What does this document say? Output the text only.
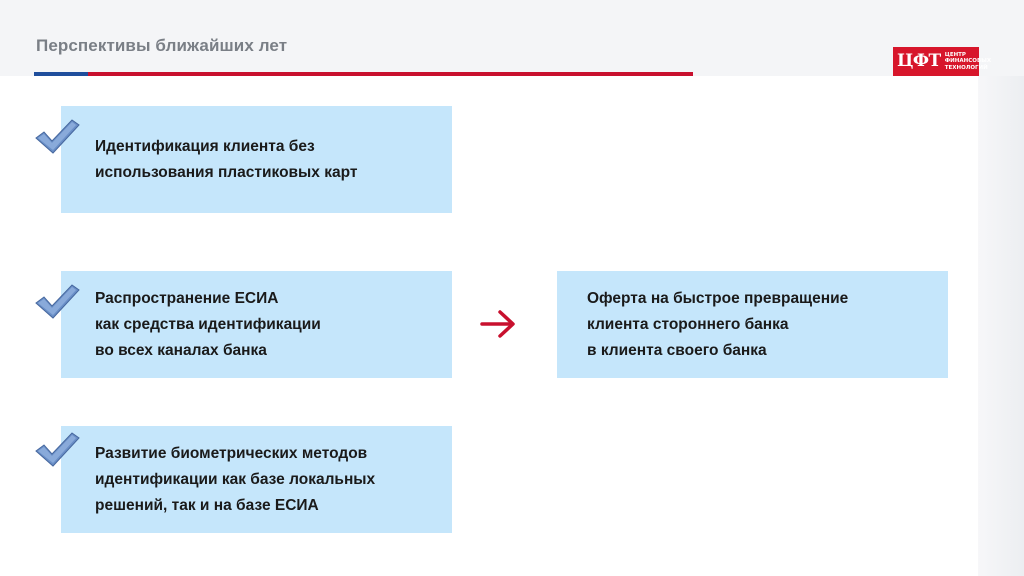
Перспективы ближайших лет
ЦФТ ЦЕНТР
ФИНАНСОВЫХ
ТЕХНОЛОГИЙ
Идентификация клиента без
использования пластиковых карт
Распространение ЕСИА
как средства идентификации
во всех каналах банка
Развитие биометрических методов
идентификации как базе локальных
решений, так и на базе ЕСИА
Оферта на быстрое превращение
клиента стороннего банка
в клиента своего банка
